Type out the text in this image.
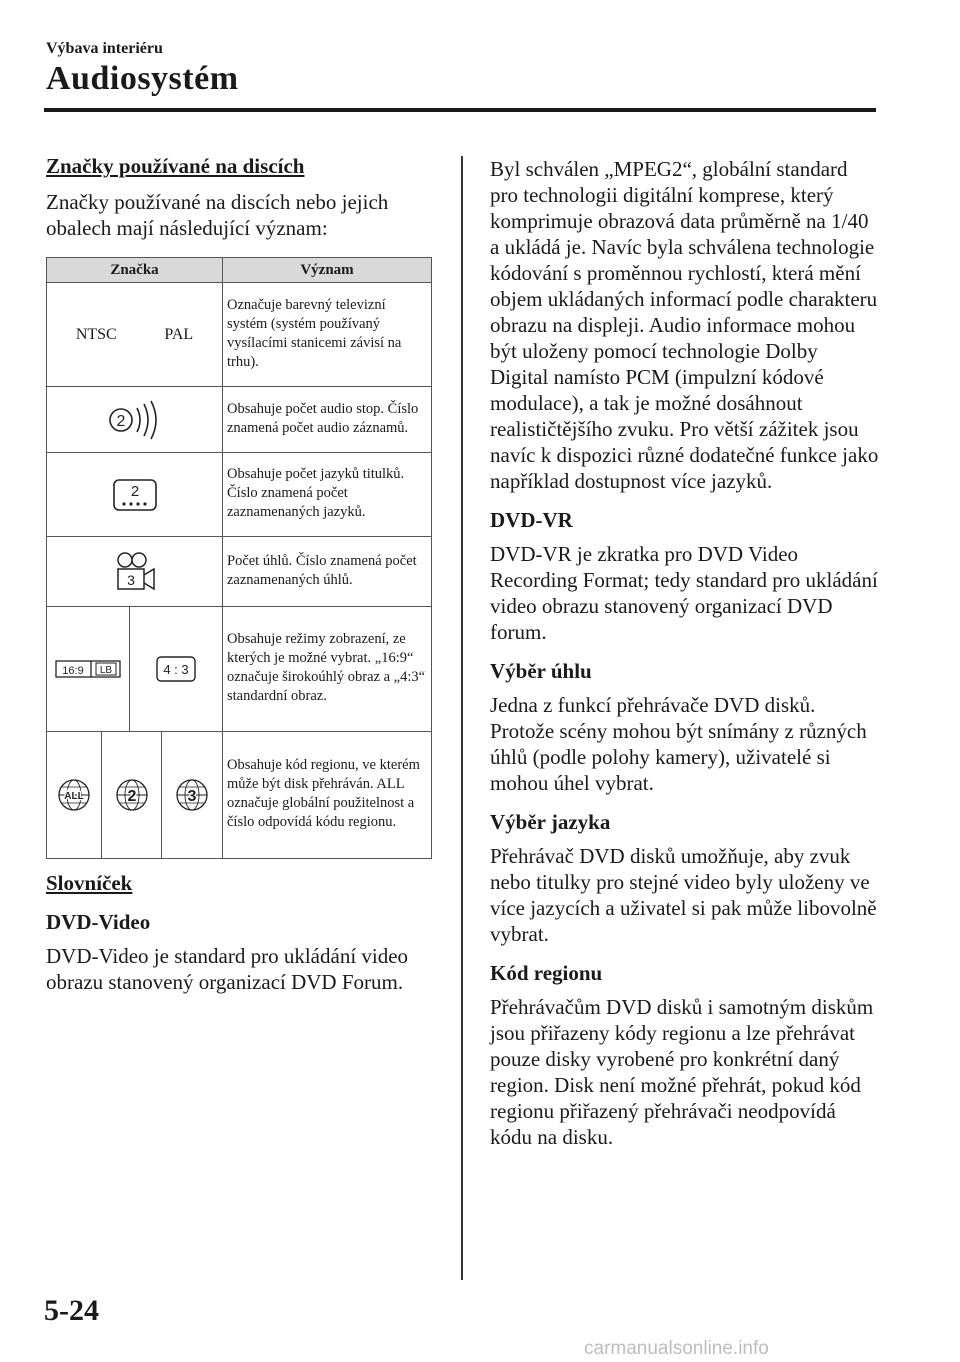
Výbava interiéru
Audiosystém
Značky používané na discích

Značky používané na discích nebo jejich obalech mají následující význam:

Značka	Význam

NTSC PAL	Označuje barevný televizní systém (systém používaný vysílacími stanicemi závisí na trhu).

2	Obsahuje počet audio stop. Číslo znamená počet audio záznamů.

2	Obsahuje počet jazyků titulků. Číslo znamená počet zaznamenaných jazyků.

3	Počet úhlů. Číslo znamená počet zaznamenaných úhlů.

16:9 LB 4 : 3	Obsahuje režimy zobrazení, ze kterých je možné vybrat. „16:9“ označuje širokoúhlý obraz a „4:3“ standardní obraz.

ALL 2 3	Obsahuje kód regionu, ve kterém může být disk přehráván. ALL označuje globální použitelnost a číslo odpovídá kódu regionu.
Slovníček
DVD-Video

DVD-Video je standard pro ukládání video obrazu stanovený organizací DVD Forum.

Byl schválen „MPEG2“, globální standard pro technologii digitální komprese, který komprimuje obrazová data průměrně na 1/40 a ukládá je. Navíc byla schválena technologie kódování s proměnnou rychlostí, která mění objem ukládaných informací podle charakteru obrazu na displeji. Audio informace mohou být uloženy pomocí technologie Dolby Digital namísto PCM (impulzní kódové modulace), a tak je možné dosáhnout realističtějšího zvuku. Pro větší zážitek jsou navíc k dispozici různé dodatečné funkce jako například dostupnost více jazyků.

DVD-VR

DVD-VR je zkratka pro DVD Video Recording Format; tedy standard pro ukládání video obrazu stanovený organizací DVD forum.

Výběr úhlu

Jedna z funkcí přehrávače DVD disků. Protože scény mohou být snímány z různých úhlů (podle polohy kamery), uživatelé si mohou úhel vybrat.

Výběr jazyka

Přehrávač DVD disků umožňuje, aby zvuk nebo titulky pro stejné video byly uloženy ve více jazycích a uživatel si pak může libovolně vybrat.

Kód regionu

Přehrávačům DVD disků i samotným diskům jsou přiřazeny kódy regionu a lze přehrávat pouze disky vyrobené pro konkrétní daný region. Disk není možné přehrát, pokud kód regionu přiřazený přehrávači neodpovídá kódu na disku.

5-24
carmanualsonline.info
